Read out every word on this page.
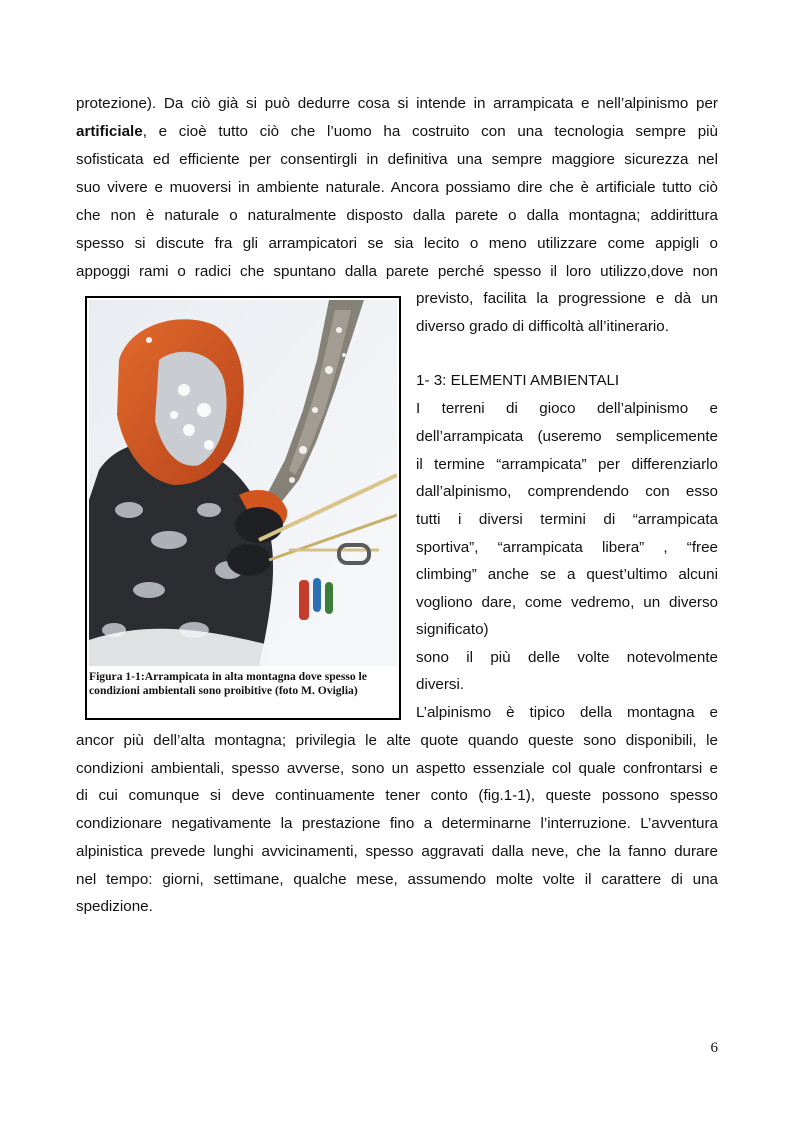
protezione). Da ciò già si può dedurre cosa si intende in arrampicata e nell’alpinismo per
artificiale, e cioè tutto ciò che l’uomo ha costruito con una tecnologia sempre più
sofisticata ed efficiente per consentirgli in definitiva una sempre maggiore sicurezza nel
suo vivere e muoversi in ambiente naturale. Ancora possiamo dire che è artificiale tutto ciò
che non è naturale o naturalmente disposto dalla parete o dalla montagna; addirittura
spesso si discute fra gli arrampicatori se sia lecito o meno utilizzare come appigli o
appoggi rami o radici che spuntano dalla parete perché spesso il loro utilizzo,dove non
previsto, facilita la progressione e dà un
diverso grado di difficoltà all’itinerario.
1- 3: ELEMENTI AMBIENTALI
I terreni di gioco dell’alpinismo e
dell’arrampicata (useremo semplicemente
il termine “arrampicata” per differenziarlo
dall’alpinismo, comprendendo con esso
tutti i diversi termini di “arrampicata
sportiva”, “arrampicata libera” , “free
climbing” anche se a quest’ultimo alcuni
vogliono dare, come vedremo, un diverso
significato)
sono il più delle volte notevolmente
diversi.
Figura 1-1:Arrampicata in alta montagna dove spesso le condizioni ambientali sono proibitive (foto M. Oviglia)
L’alpinismo è tipico della montagna e
ancor più dell’alta montagna; privilegia le alte quote quando queste sono disponibili, le
condizioni ambientali, spesso avverse, sono un aspetto essenziale col quale confrontarsi e
di cui comunque si deve continuamente tener conto (fig.1-1), queste possono spesso
condizionare negativamente la prestazione fino a determinarne l’interruzione. L’avventura
alpinistica prevede lunghi avvicinamenti, spesso aggravati dalla neve, che la fanno durare
nel tempo: giorni, settimane, qualche mese, assumendo molte volte il carattere di una
spedizione.
6
